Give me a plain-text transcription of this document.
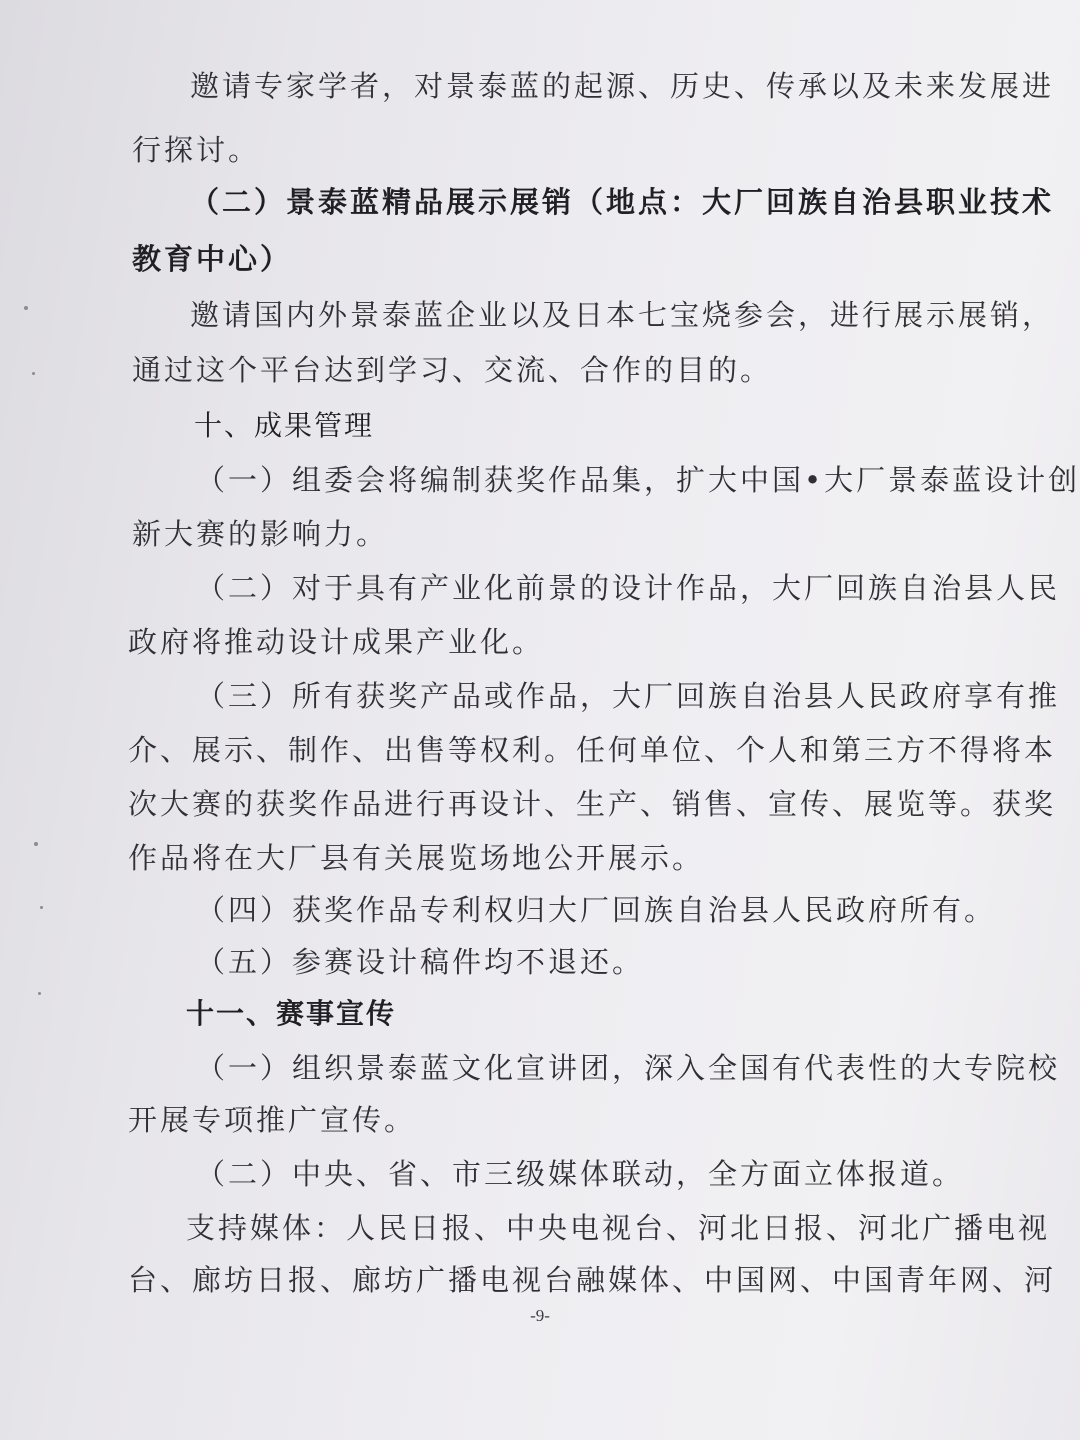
邀请专家学者，对景泰蓝的起源、历史、传承以及未来发展进
行探讨。
（二）景泰蓝精品展示展销（地点：大厂回族自治县职业技术
教育中心）
邀请国内外景泰蓝企业以及日本七宝烧参会，进行展示展销，
通过这个平台达到学习、交流、合作的目的。
十、成果管理
（一）组委会将编制获奖作品集，扩大中国•大厂景泰蓝设计创
新大赛的影响力。
（二）对于具有产业化前景的设计作品，大厂回族自治县人民
政府将推动设计成果产业化。
（三）所有获奖产品或作品，大厂回族自治县人民政府享有推
介、展示、制作、出售等权利。任何单位、个人和第三方不得将本
次大赛的获奖作品进行再设计、生产、销售、宣传、展览等。获奖
作品将在大厂县有关展览场地公开展示。
（四）获奖作品专利权归大厂回族自治县人民政府所有。
（五）参赛设计稿件均不退还。
十一、赛事宣传
（一）组织景泰蓝文化宣讲团，深入全国有代表性的大专院校
开展专项推广宣传。
（二）中央、省、市三级媒体联动，全方面立体报道。
支持媒体：人民日报、中央电视台、河北日报、河北广播电视
台、廊坊日报、廊坊广播电视台融媒体、中国网、中国青年网、河
-9-
